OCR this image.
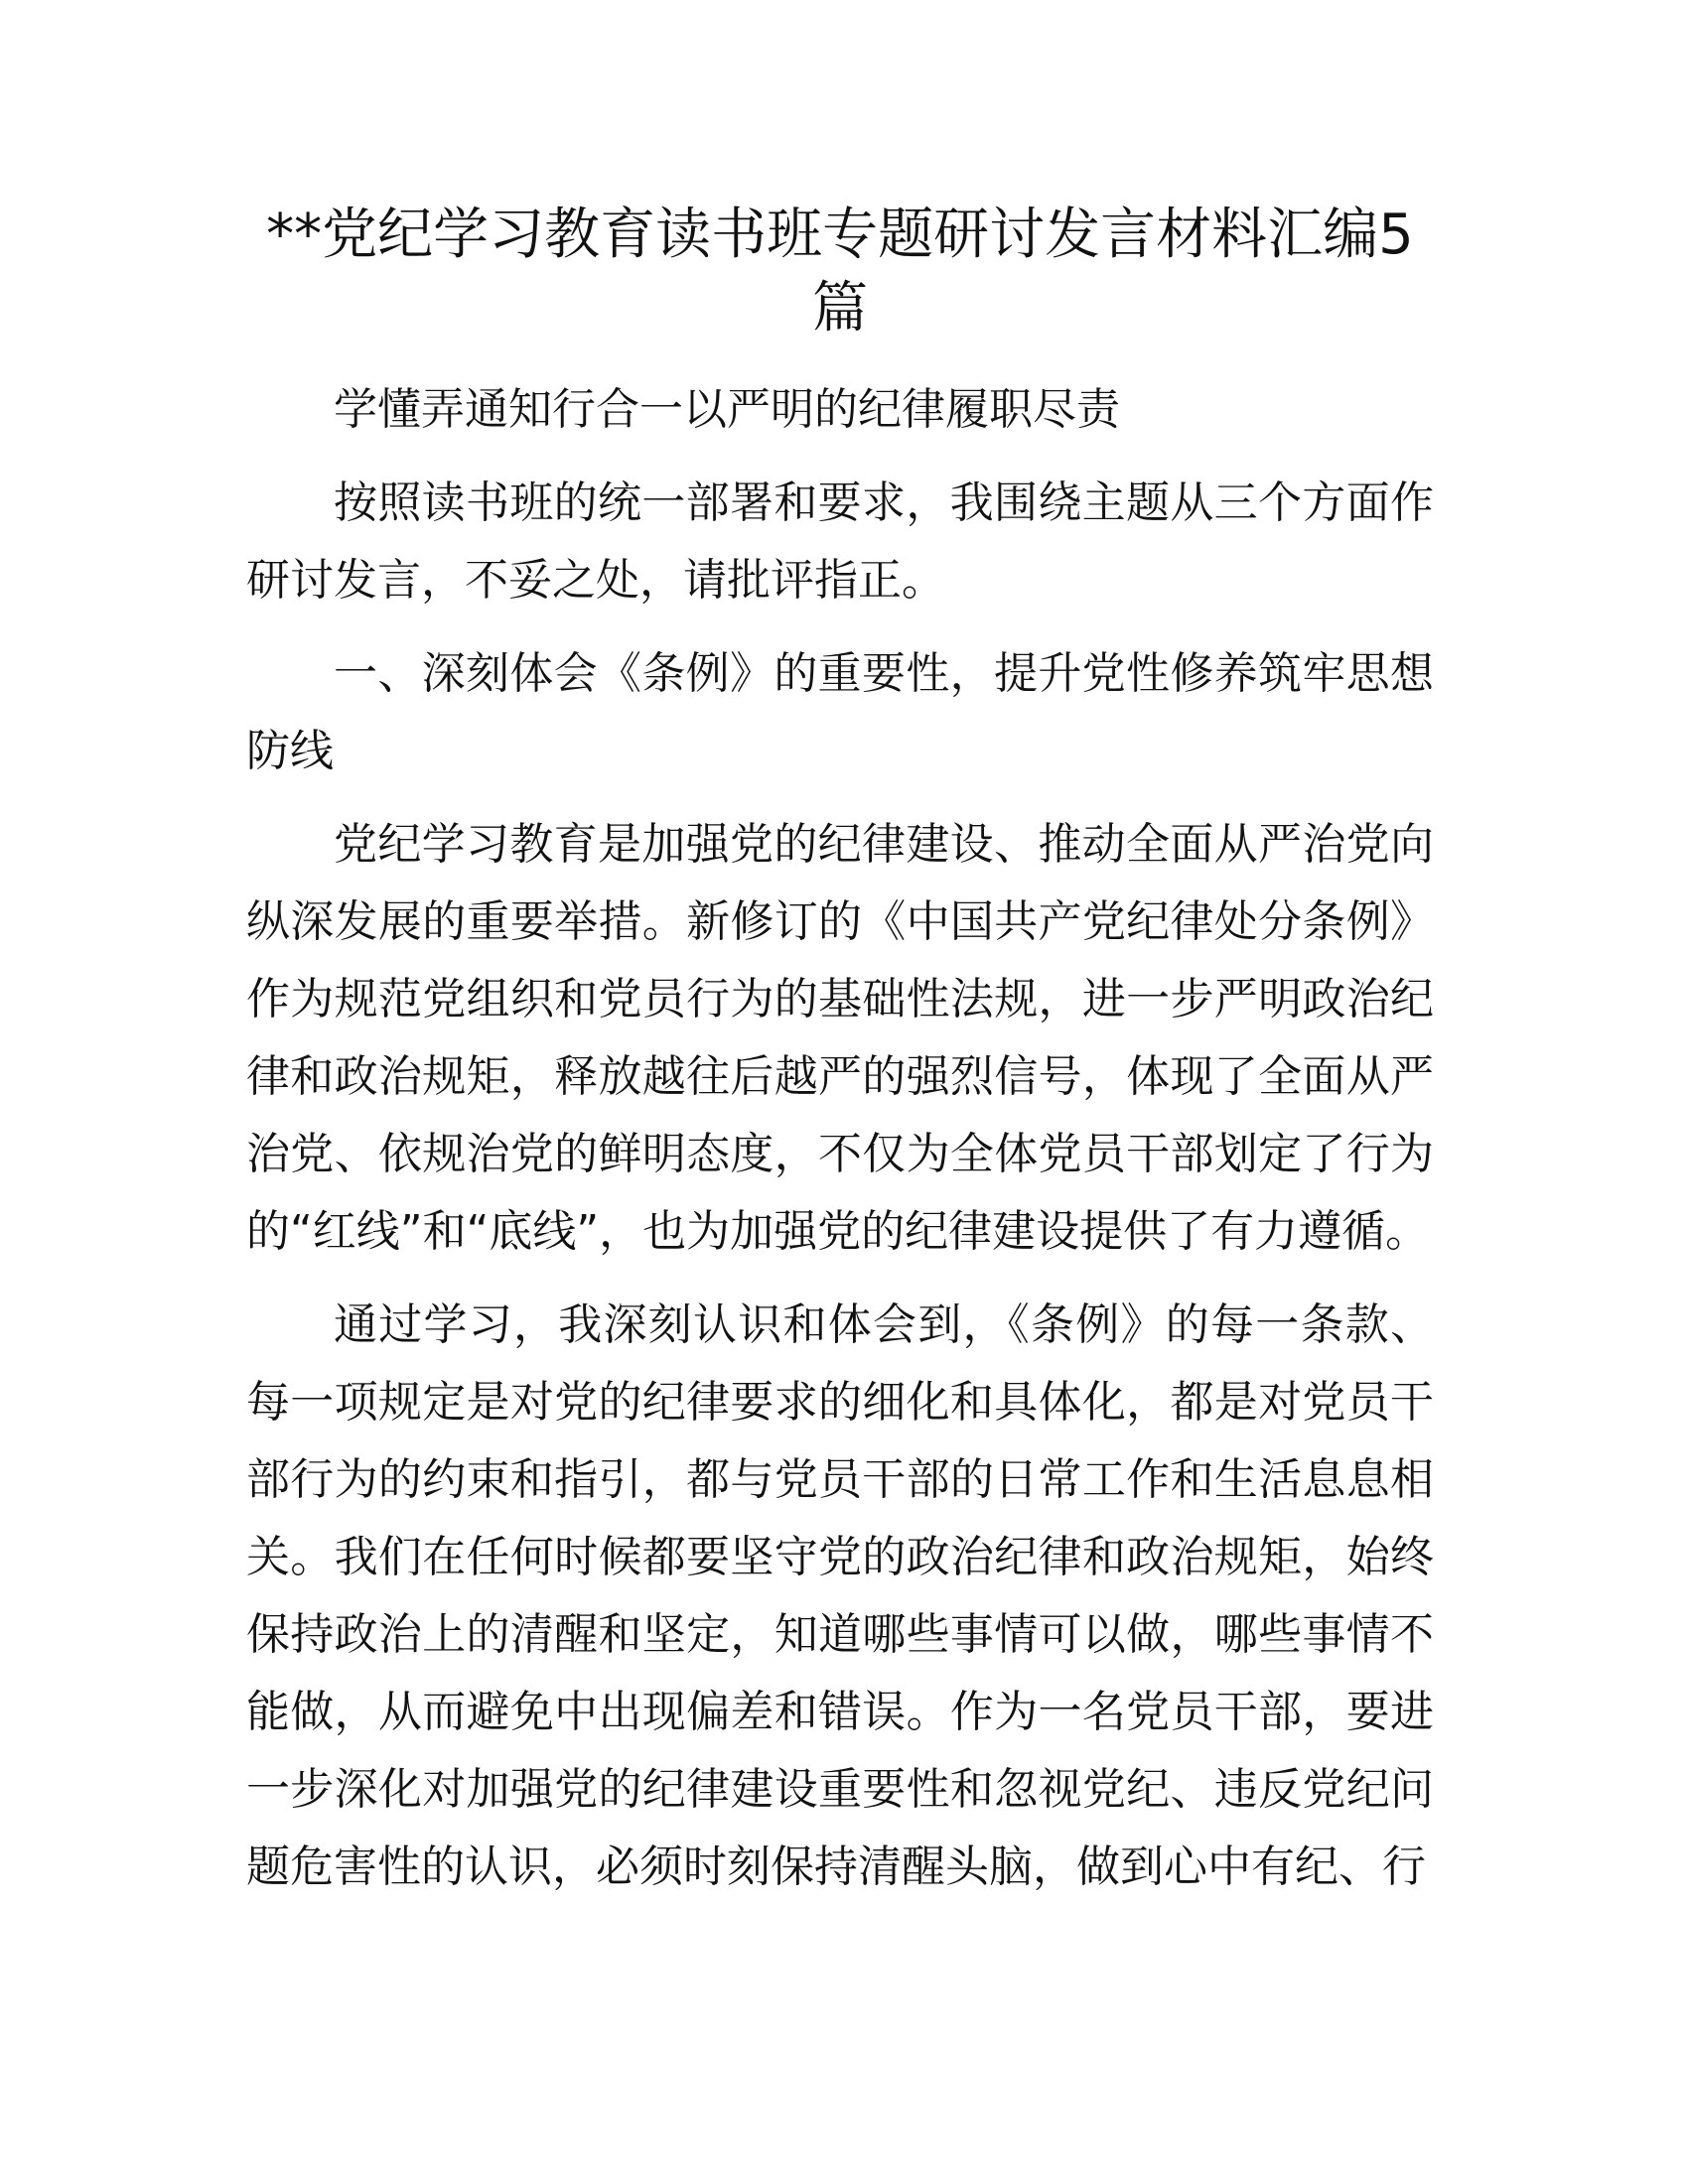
**党纪学习教育读书班专题研讨发言材料汇编5篇

学懂弄通知行合一以严明的纪律履职尽责

按照读书班的统一部署和要求，我围绕主题从三个方面作研讨发言，不妥之处，请批评指正。

一、深刻体会《条例》的重要性，提升党性修养筑牢思想防线

党纪学习教育是加强党的纪律建设、推动全面从严治党向纵深发展的重要举措。新修订的《中国共产党纪律处分条例》作为规范党组织和党员行为的基础性法规，进一步严明政治纪律和政治规矩，释放越往后越严的强烈信号，体现了全面从严治党、依规治党的鲜明态度，不仅为全体党员干部划定了行为的“红线”和“底线”，也为加强党的纪律建设提供了有力遵循。

通过学习，我深刻认识和体会到，《条例》的每一条款、每一项规定是对党的纪律要求的细化和具体化，都是对党员干部行为的约束和指引，都与党员干部的日常工作和生活息息相关。我们在任何时候都要坚守党的政治纪律和政治规矩，始终保持政治上的清醒和坚定，知道哪些事情可以做，哪些事情不能做，从而避免中出现偏差和错误。作为一名党员干部，要进一步深化对加强党的纪律建设重要性和忽视党纪、违反党纪问题危害性的认识，必须时刻保持清醒头脑，做到心中有纪、行
